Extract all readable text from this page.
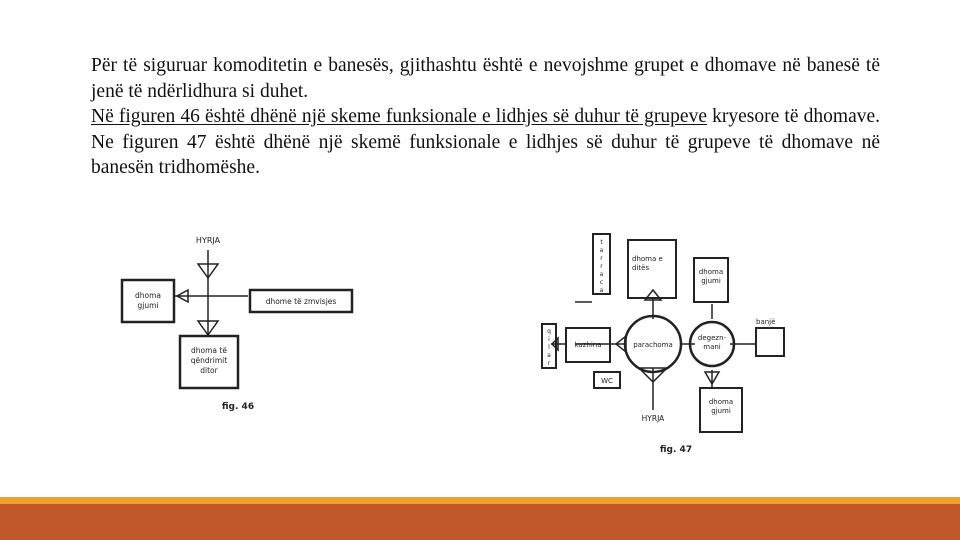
Për të siguruar komoditetin e banesës, gjithashtu është e nevojshme grupet e dhomave në banesë të jenë të ndërlidhura si duhet.

Në figuren 46 është dhënë një skeme funksionale e lidhjes së duhur të grupeve kryesore të dhomave. Ne figuren 47 është dhënë një skemë funksionale e lidhjes së duhur të grupeve të dhomave në banesën tridhomëshe.

HYRJA
dhoma
gjumi	dhome të zmvisjes
dhoma të
qëndrimit
ditor
fig. 46
t
a
r
r
a
c
a
q
i
l
a
r
dhoma e
ditës	dhoma
gjumi
banjë
kuzhina	parachoma
degezn-
mani
WC
HYRJA
dhoma
gjumi
fig. 47
